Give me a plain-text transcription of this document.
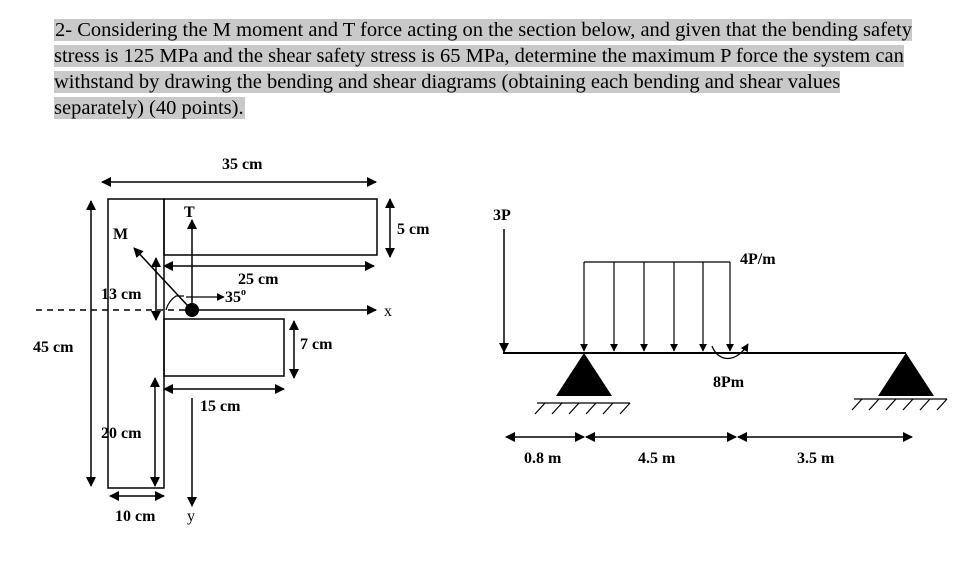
2- Considering the M moment and T force acting on the section below, and given that the bending safety stress is 125 MPa and the shear safety stress is 65 MPa, determine the maximum P force the system can withstand by drawing the bending and shear diagrams (obtaining each bending and shear values separately) (40 points).
35 cm
5 cm
25 cm
13 cm
x
T
y
M
35$^o$
45 cm	7 cm
15 cm
20 cm
10 cm
3P
4P/m
8Pm
0.8 m	4.5 m	3.5 m
